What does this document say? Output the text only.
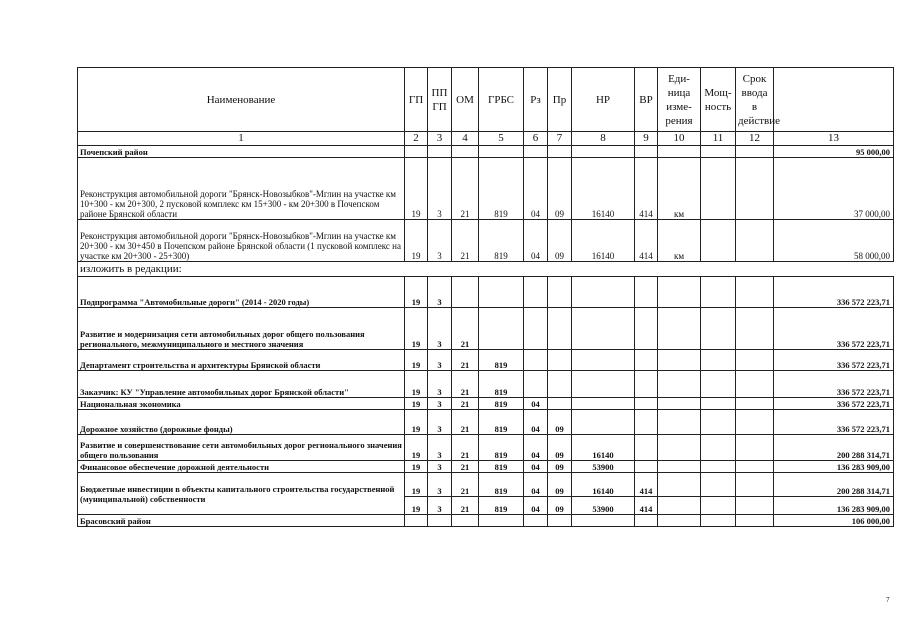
Наименование	ГП	ПП ГП	ОМ	ГРБС	Рз	Пр	НР	ВР	Еди-ница изме-рения	Мощ-ность	Срок ввода в действие	
1	2	3	4	5	6	7	8	9	10	11	12	13
Почепский район												95 000,00
Реконструкция автомобильной дороги "Брянск-Новозыбков"-Мглин на участке км 10+300 - км 20+300, 2 пусковой комплекс км 15+300 - км 20+300 в Почепском районе Брянской области	19	3	21	819	04	09	16140	414	км			37 000,00
Реконструкция автомобильной дороги "Брянск-Новозыбков"-Мглин на участке км 20+300 - км 30+450 в Почепском районе Брянской области (1 пусковой комплекс на участке км 20+300 - 25+300)	19	3	21	819	04	09	16140	414	км			58 000,00
изложить в редакции:												
Подпрограмма "Автомобильные дороги" (2014 - 2020 годы)	19	3										336 572 223,71
Развитие и модернизация сети автомобильных дорог общего пользования регионального, межмуниципального и местного значения	19	3	21									336 572 223,71
Департамент строительства и архитектуры Брянской области	19	3	21	819								336 572 223,71
Заказчик: КУ "Управление автомобильных дорог Брянской области"	19	3	21	819								336 572 223,71
Национальная экономика	19	3	21	819	04							336 572 223,71
Дорожное хозяйство (дорожные фонды)	19	3	21	819	04	09						336 572 223,71
Развитие и совершенствование сети автомобильных дорог регионального значения общего пользования	19	3	21	819	04	09	16140					200 288 314,71
Финансовое обеспечение дорожной деятельности	19	3	21	819	04	09	53900					136 283 909,00
Бюджетные инвестиции в объекты капитального строительства государственной (муниципальной) собственности	19	3	21	819	04	09	16140	414				200 288 314,71
	19	3	21	819	04	09	53900	414				136 283 909,00
Брасовский район												106 000,00
7
